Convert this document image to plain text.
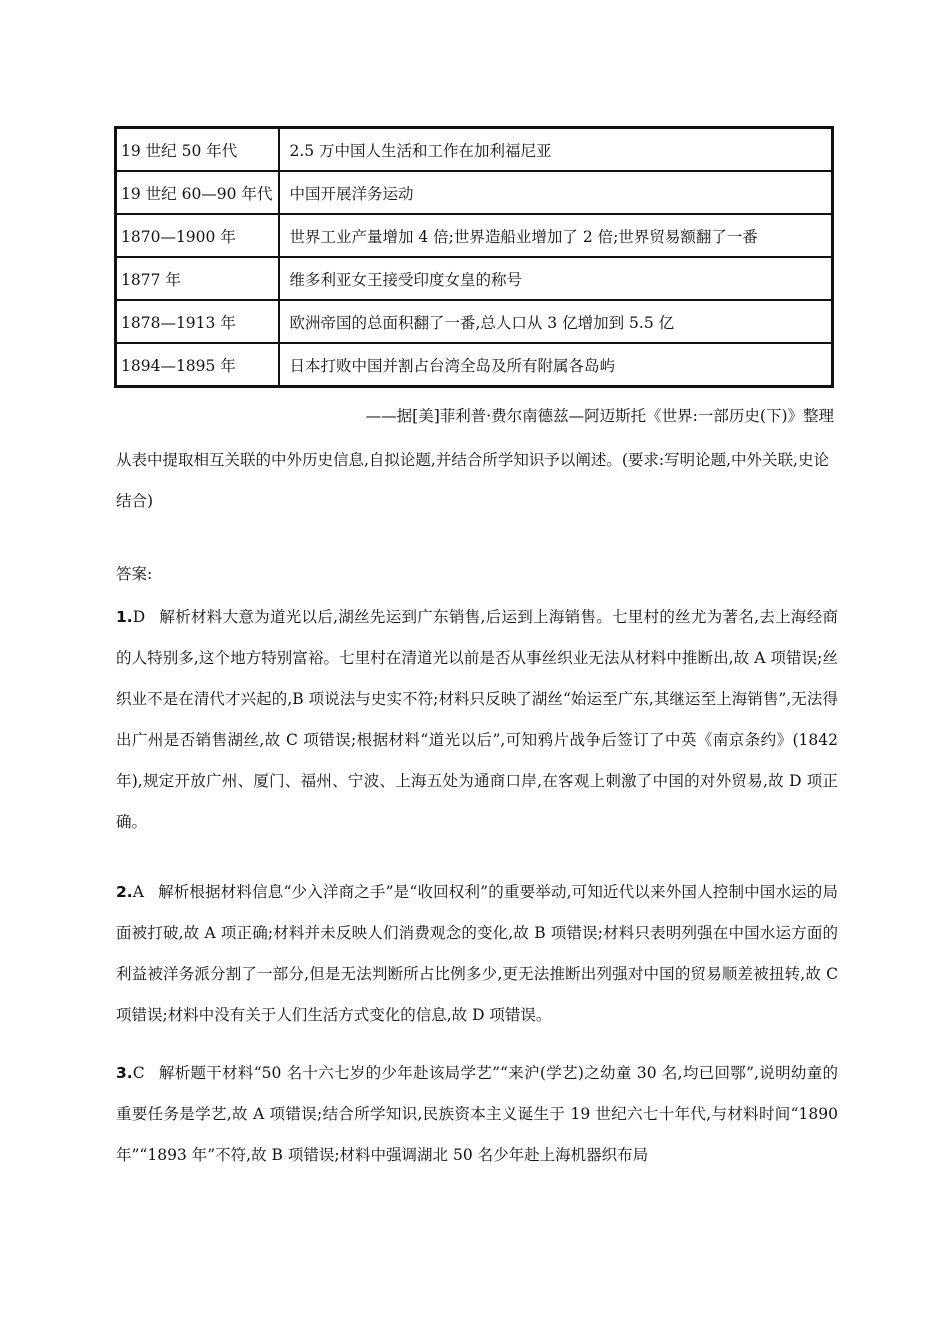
19 世纪 50 年代	2.5 万中国人生活和工作在加利福尼亚
19 世纪 60—90 年代	中国开展洋务运动
1870—1900 年	世界工业产量增加 4 倍;世界造船业增加了 2 倍;世界贸易额翻了一番
1877 年	维多利亚女王接受印度女皇的称号
1878—1913 年	欧洲帝国的总面积翻了一番,总人口从 3 亿增加到 5.5 亿
1894—1895 年	日本打败中国并割占台湾全岛及所有附属各岛屿
——据[美]菲利普·费尔南德兹—阿迈斯托《世界:一部历史(下)》整理
从表中提取相互关联的中外历史信息,自拟论题,并结合所学知识予以阐述。(要求:写明论题,中外关联,史论结合)
答案:
1.D 解析材料大意为道光以后,湖丝先运到广东销售,后运到上海销售。七里村的丝尤为著名,去上海经商的人特别多,这个地方特别富裕。七里村在清道光以前是否从事丝织业无法从材料中推断出,故 A 项错误;丝织业不是在清代才兴起的,B 项说法与史实不符;材料只反映了湖丝“始运至广东,其继运至上海销售”,无法得出广州是否销售湖丝,故 C 项错误;根据材料“道光以后”,可知鸦片战争后签订了中英《南京条约》(1842 年),规定开放广州、厦门、福州、宁波、上海五处为通商口岸,在客观上刺激了中国的对外贸易,故 D 项正确。
2.A 解析根据材料信息“少入洋商之手”是“收回权利”的重要举动,可知近代以来外国人控制中国水运的局面被打破,故 A 项正确;材料并未反映人们消费观念的变化,故 B 项错误;材料只表明列强在中国水运方面的利益被洋务派分割了一部分,但是无法判断所占比例多少,更无法推断出列强对中国的贸易顺差被扭转,故 C 项错误;材料中没有关于人们生活方式变化的信息,故 D 项错误。
3.C 解析题干材料“50 名十六七岁的少年赴该局学艺”“来沪(学艺)之幼童 30 名,均已回鄂”,说明幼童的重要任务是学艺,故 A 项错误;结合所学知识,民族资本主义诞生于 19 世纪六七十年代,与材料时间“1890 年”“1893 年”不符,故 B 项错误;材料中强调湖北 50 名少年赴上海机器织布局
